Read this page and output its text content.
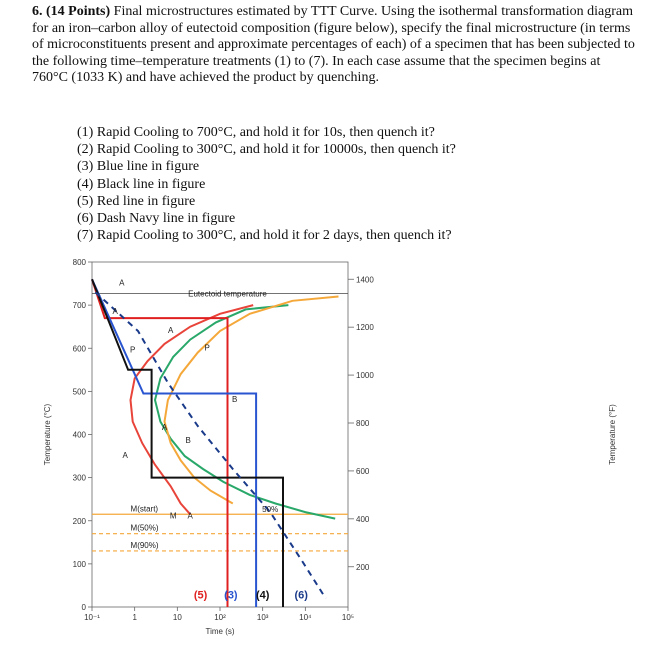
6. (14 Points) Final microstructures estimated by TTT Curve. Using the isothermal transformation diagram for an iron–carbon alloy of eutectoid composition (figure below), specify the final microstructure (in terms of microconstituents present and approximate percentages of each) of a specimen that has been subjected to the following time–temperature treatments (1) to (7). In each case assume that the specimen begins at 760°C (1033 K) and have achieved the product by quenching.
(1) Rapid Cooling to 700°C, and hold it for 10s, then quench it?
(2) Rapid Cooling to 300°C, and hold it for 10000s, then quench it?
(3) Blue line in figure
(4) Black line in figure
(5) Red line in figure
(6) Dash Navy line in figure
(7) Rapid Cooling to 300°C, and hold it for 2 days, then quench it?
0
100
200
300
400
500
600
700
800
1400
1200
1000
800
600
400
200
10⁻¹	1	10	10²	10³	10⁴	10⁵
Time (s)
Temperature (°C)	Temperature (°F)
Eutectoid temperature
M(start)
M(50%)
M(90%)
A
A
P
P
A
B
A
B
A
M A
50%
(5) (3) (4) (6)
